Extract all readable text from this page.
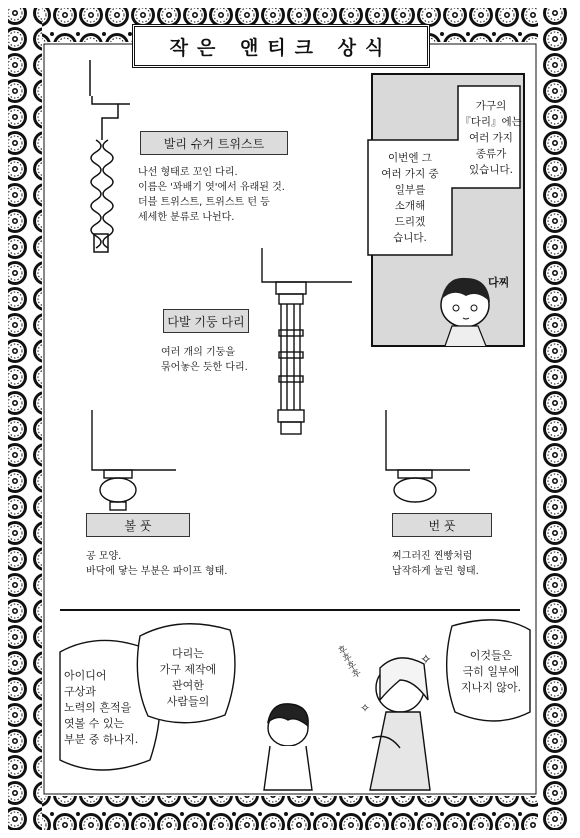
✧
✧
작은 앤티크 상식
가구의
『다리』에는
여러 가지
종류가
있습니다.
이번엔 그
여러 가지 중
일부를
소개해
드리겠
습니다.
다찌
발리 슈거 트위스트
나선 형태로 꼬인 다리.
이름은 '꽈배기 엿'에서 유래된 것.
더블 트위스트, 트위스트 턴 등
세세한 분류로 나뉜다.
다발 기둥 다리
여러 개의 기둥을
묶어놓은 듯한 다리.
볼 풋
공 모양.
바닥에 닿는 부분은 파이프 형태.
번 풋
찌그러진 찐빵처럼
납작하게 눌린 형태.
아이디어
구상과
노력의 흔적을
엿볼 수 있는
부분 중 하나지.
다리는
가구 제작에
관여한
사람들의
이것들은
극히 일부에
지나지 않아.
후후후후
